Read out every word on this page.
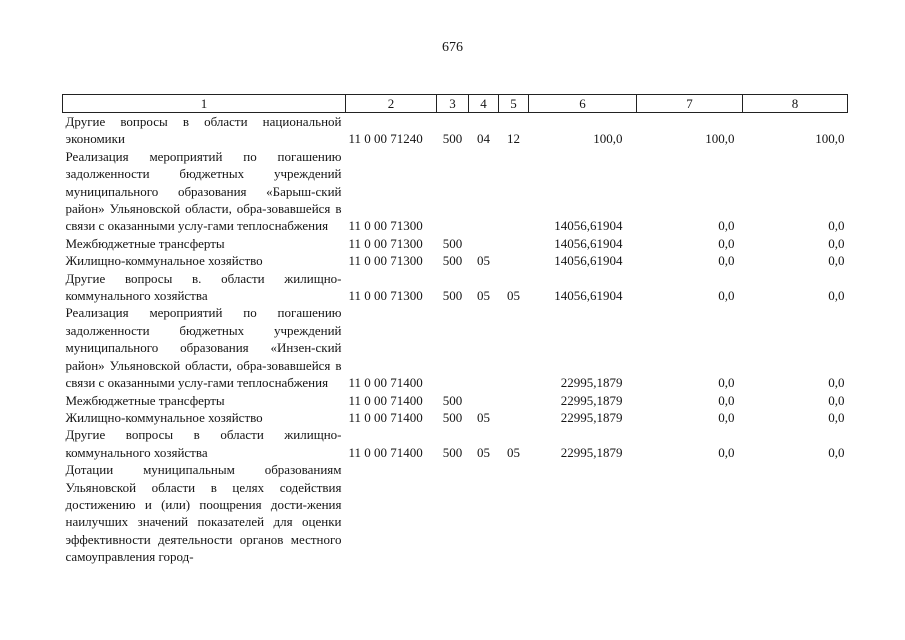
676
1	2	3	4	5	6	7	8
Другие вопросы в области национальной экономики	11 0 00 71240	500	04	12	100,0	100,0	100,0
Реализация мероприятий по погашению задолженности бюджетных учреждений муниципального образования «Барыш-ский район» Ульяновской области, обра-зовавшейся в связи с оказанными услу-гами теплоснабжения	11 0 00 71300				14056,61904	0,0	0,0
Межбюджетные трансферты	11 0 00 71300	500			14056,61904	0,0	0,0
Жилищно-коммунальное хозяйство	11 0 00 71300	500	05		14056,61904	0,0	0,0
Другие вопросы в. области жилищно-коммунального хозяйства	11 0 00 71300	500	05	05	14056,61904	0,0	0,0
Реализация мероприятий по погашению задолженности бюджетных учреждений муниципального образования «Инзен-ский район» Ульяновской области, обра-зовавшейся в связи с оказанными услу-гами теплоснабжения	11 0 00 71400				22995,1879	0,0	0,0
Межбюджетные трансферты	11 0 00 71400	500			22995,1879	0,0	0,0
Жилищно-коммунальное хозяйство	11 0 00 71400	500	05		22995,1879	0,0	0,0
Другие вопросы в области жилищно-коммунального хозяйства	11 0 00 71400	500	05	05	22995,1879	0,0	0,0
Дотации муниципальным образованиям Ульяновской области в целях содействия достижению и (или) поощрения дости-жения наилучших значений показателей для оценки эффективности деятельности органов местного самоуправления город-							
